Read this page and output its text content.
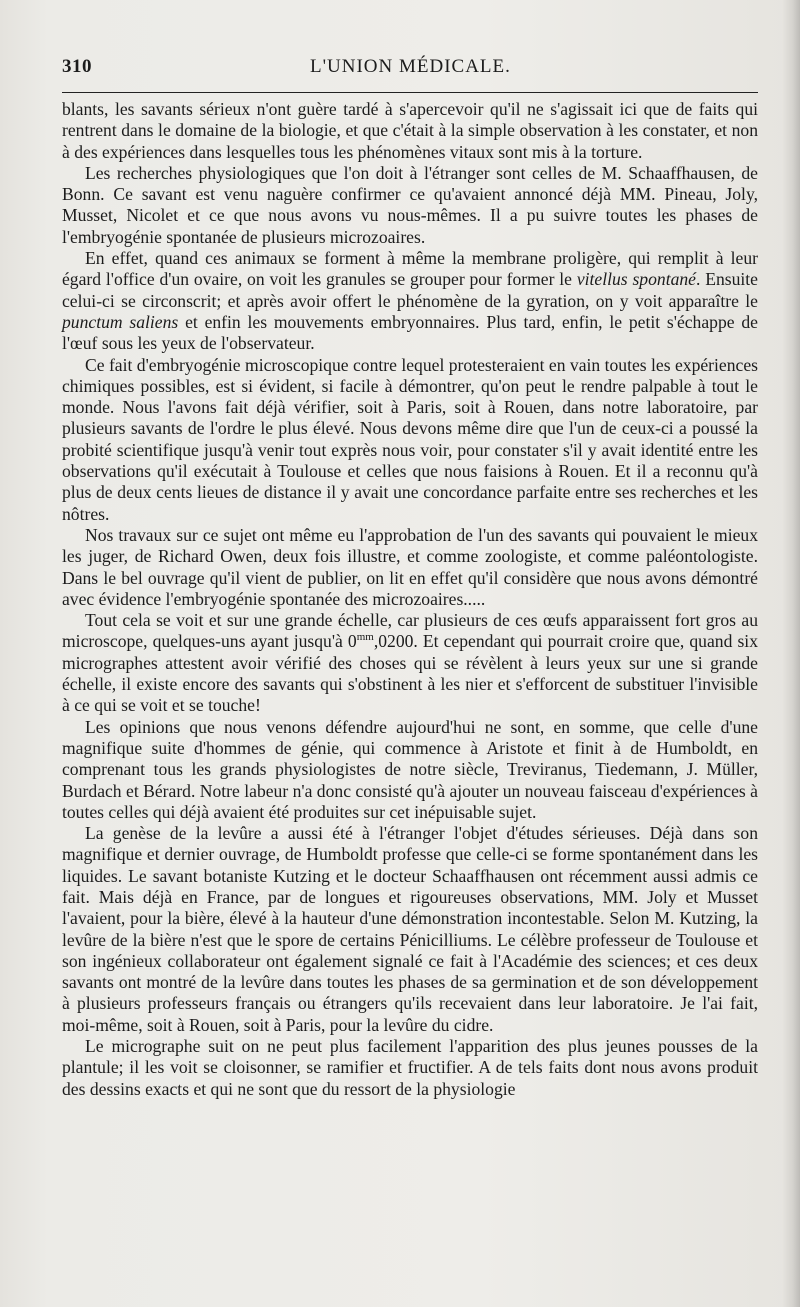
310	L'UNION MÉDICALE.

blants, les savants sérieux n'ont guère tardé à s'apercevoir qu'il ne s'agissait ici que de faits qui rentrent dans le domaine de la biologie, et que c'était à la simple observation à les constater, et non à des expériences dans lesquelles tous les phénomènes vitaux sont mis à la torture.

Les recherches physiologiques que l'on doit à l'étranger sont celles de M. Schaaffhausen, de Bonn. Ce savant est venu naguère confirmer ce qu'avaient annoncé déjà MM. Pineau, Joly, Musset, Nicolet et ce que nous avons vu nous-mêmes. Il a pu suivre toutes les phases de l'embryogénie spontanée de plusieurs microzoaires.

En effet, quand ces animaux se forment à même la membrane proligère, qui remplit à leur égard l'office d'un ovaire, on voit les granules se grouper pour former le vitellus spontané. Ensuite celui-ci se circonscrit; et après avoir offert le phénomène de la gyration, on y voit apparaître le punctum saliens et enfin les mouvements embryonnaires. Plus tard, enfin, le petit s'échappe de l'œuf sous les yeux de l'observateur.

Ce fait d'embryogénie microscopique contre lequel protesteraient en vain toutes les expériences chimiques possibles, est si évident, si facile à démontrer, qu'on peut le rendre palpable à tout le monde. Nous l'avons fait déjà vérifier, soit à Paris, soit à Rouen, dans notre laboratoire, par plusieurs savants de l'ordre le plus élevé. Nous devons même dire que l'un de ceux-ci a poussé la probité scientifique jusqu'à venir tout exprès nous voir, pour constater s'il y avait identité entre les observations qu'il exécutait à Toulouse et celles que nous faisions à Rouen. Et il a reconnu qu'à plus de deux cents lieues de distance il y avait une concordance parfaite entre ses recherches et les nôtres.

Nos travaux sur ce sujet ont même eu l'approbation de l'un des savants qui pouvaient le mieux les juger, de Richard Owen, deux fois illustre, et comme zoologiste, et comme paléontologiste. Dans le bel ouvrage qu'il vient de publier, on lit en effet qu'il considère que nous avons démontré avec évidence l'embryogénie spontanée des microzoaires.....

Tout cela se voit et sur une grande échelle, car plusieurs de ces œufs apparaissent fort gros au microscope, quelques-uns ayant jusqu'à $0^{mm},0200$. Et cependant qui pourrait croire que, quand six micrographes attestent avoir vérifié des choses qui se révèlent à leurs yeux sur une si grande échelle, il existe encore des savants qui s'obstinent à les nier et s'efforcent de substituer l'invisible à ce qui se voit et se touche!

Les opinions que nous venons défendre aujourd'hui ne sont, en somme, que celle d'une magnifique suite d'hommes de génie, qui commence à Aristote et finit à de Humboldt, en comprenant tous les grands physiologistes de notre siècle, Treviranus, Tiedemann, J. Müller, Burdach et Bérard. Notre labeur n'a donc consisté qu'à ajouter un nouveau faisceau d'expériences à toutes celles qui déjà avaient été produites sur cet inépuisable sujet.

La genèse de la levûre a aussi été à l'étranger l'objet d'études sérieuses. Déjà dans son magnifique et dernier ouvrage, de Humboldt professe que celle-ci se forme spontanément dans les liquides. Le savant botaniste Kutzing et le docteur Schaaffhausen ont récemment aussi admis ce fait. Mais déjà en France, par de longues et rigoureuses observations, MM. Joly et Musset l'avaient, pour la bière, élevé à la hauteur d'une démonstration incontestable. Selon M. Kutzing, la levûre de la bière n'est que le spore de certains Pénicilliums. Le célèbre professeur de Toulouse et son ingénieux collaborateur ont également signalé ce fait à l'Académie des sciences; et ces deux savants ont montré de la levûre dans toutes les phases de sa germination et de son développement à plusieurs professeurs français ou étrangers qu'ils recevaient dans leur laboratoire. Je l'ai fait, moi-même, soit à Rouen, soit à Paris, pour la levûre du cidre.

Le micrographe suit on ne peut plus facilement l'apparition des plus jeunes pousses de la plantule; il les voit se cloisonner, se ramifier et fructifier. A de tels faits dont nous avons produit des dessins exacts et qui ne sont que du ressort de la physiologie
